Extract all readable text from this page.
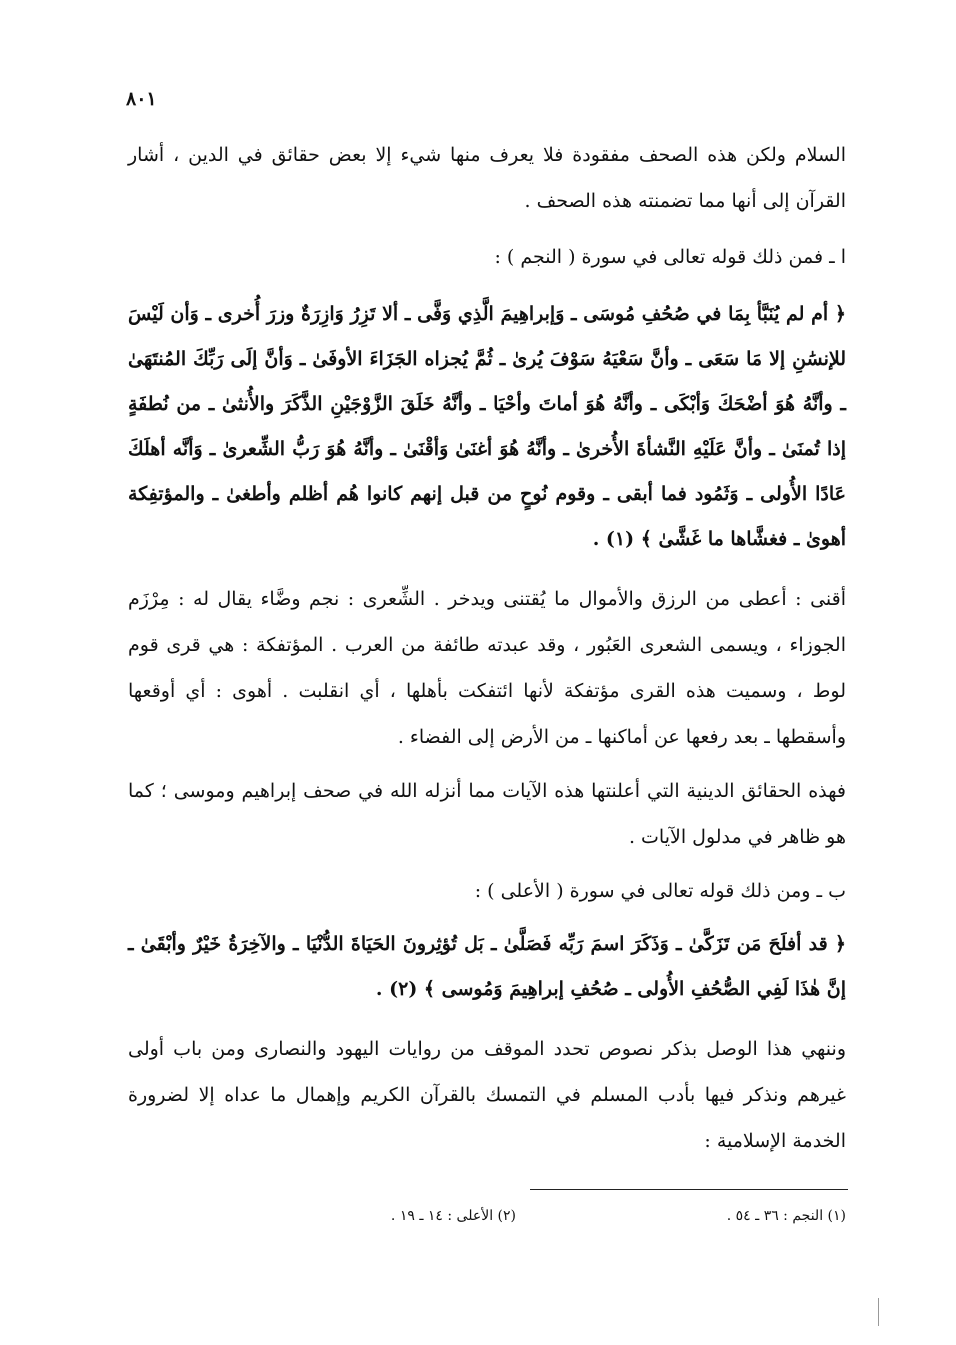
٨٠١

السلام ولكن هذه الصحف مفقودة فلا يعرف منها شيء إلا بعض حقائق في الدين ، أشار القرآن إلى أنها مما تضمنته هذه الصحف .

ا ـ فمن ذلك قوله تعالى في سورة ( النجم ) :

﴿ أم لم يُنَبَّأ بِمَا في صُحُفِ مُوسَى ـ وَإبراهِيمَ الَّذِي وَفَّى ـ ألا تَزِرُ وَازِرَةٌ وزرَ أُخرى ـ وَأن لَيْسَ للإنسَٰنِ إلا مَا سَعَى ـ وأنَّ سَعْيَهُ سَوْفَ يُرىٰ ـ ثُمَّ يُجزاه الجَزَاءَ الأوفَىٰ ـ وَأنَّ إلَى رَبِّكَ المُنتَهَىٰ ـ وأنَّهُ هُوَ أضْحَكَ وَأبْكَى ـ وأنَّهُ هُوَ أماتَ وأحْيَا ـ وأنَّهُ خَلَقَ الزَّوْجَيْنِ الذَّكَرَ والأُنثىٰ ـ من نُطفَةٍ إذا تُمنَىٰ ـ وأنَّ عَلَيْهِ النَّشأةَ الأُخرىٰ ـ وأنَّهُ هُوَ أغنَىٰ وَأقْنَىٰ ـ وأنَّهُ هُوَ رَبُّ الشِّعرىٰ ـ وَأنَّه أهلَكَ عَادًا الأُولى ـ وَثَمُود فما أبقى ـ وقوم نُوحٍ من قبل إنهم كانوا هُم أظلم وأطغىٰ ـ والمؤتفِكة أهوىٰ ـ فغشَّاها ما غَشَّىٰ ﴾ (١) .

أقنى : أعطى من الرزق والأموال ما يُقتنى ويدخر . الشِّعرى : نجم وضَّاء يقال له : مِرْزَم الجوزاء ، ويسمى الشعرى العَبُور ، وقد عبدته طائفة من العرب . المؤتفكة : هي قرى قوم لوط ، وسميت هذه القرى مؤتفكة لأنها ائتفكت بأهلها ، أي انقلبت . أهوى : أي أوقعها وأسقطها ـ بعد رفعها عن أماكنها ـ من الأرض إلى الفضاء .

فهذه الحقائق الدينية التي أعلنتها هذه الآيات مما أنزله الله في صحف إبراهيم وموسى ؛ كما هو ظاهر في مدلول الآيات .

ب ـ ومن ذلك قوله تعالى في سورة ( الأعلى ) :

﴿ قد أفلَحَ مَن تَزَكَّىٰ ـ وَذَكَرَ اسمَ رَبِّه فَصَلَّىٰ ـ بَل تُؤثِرونَ الحَيَاةَ الدُّنْيَا ـ والآخِرَةُ خَيْرٌ وأبْقَىٰ ـ إنَّ هٰذَا لَفِي الصُّحُفِ الأُولى ـ صُحُفِ إبراهِيمَ وَمُوسى ﴾ (٢) .

وننهي هذا الوصل بذكر نصوص تحدد الموقف من روايات اليهود والنصارى ومن باب أولى غيرهم ونذكر فيها بأدب المسلم في التمسك بالقرآن الكريم وإهمال ما عداه إلا لضرورة الخدمة الإسلامية :

(١) النجم : ٣٦ ـ ٥٤ .
(٢) الأعلى : ١٤ ـ ١٩ .
